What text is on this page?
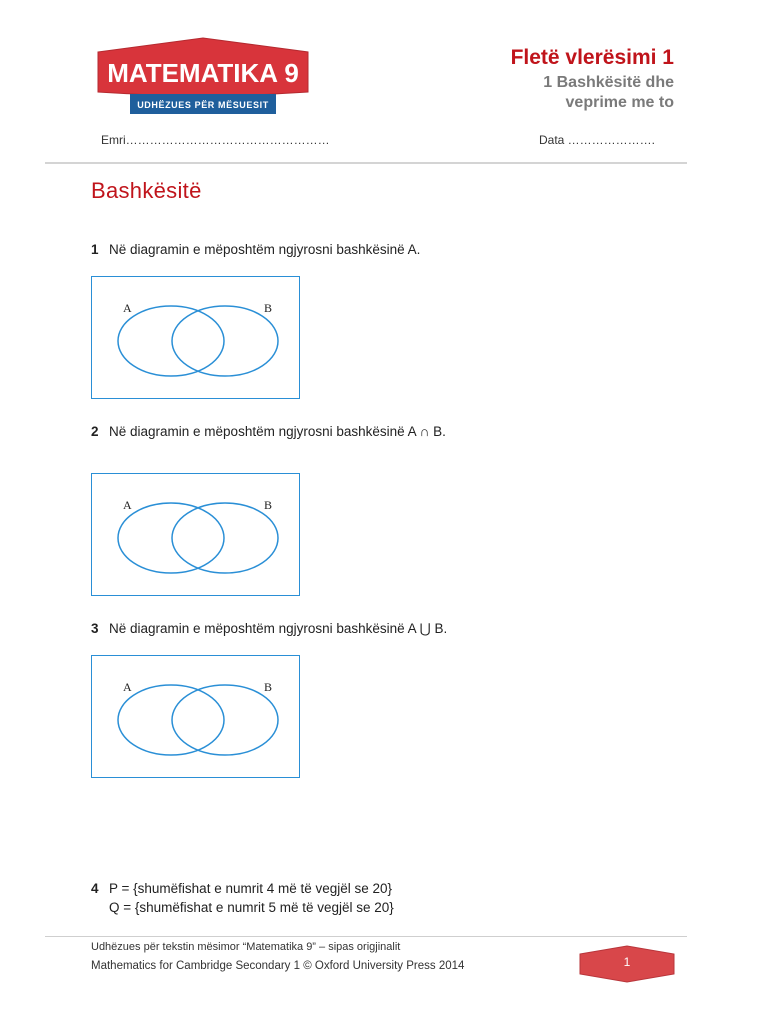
MATEMATIKA 9
UDHËZUES PËR MËSUESIT
Fletë vlerësimi 1
1 Bashkësitë dhe
veprime me to
Emri……………………………………………	Data ………………….
Bashkësitë
1 Në diagramin e mëposhtëm ngjyrosni bashkësinë A.
A	B
2 Në diagramin e mëposhtëm ngjyrosni bashkësinë A ∩ B.
A	B
3 Në diagramin e mëposhtëm ngjyrosni bashkësinë A ⋃ B.
A	B
4 P = {shumëfishat e numrit 4 më të vegjël se 20}
Q = {shumëfishat e numrit 5 më të vegjël se 20}
Udhëzues për tekstin mësimor “Matematika 9” – sipas origjinalit
Mathematics for Cambridge Secondary 1 © Oxford University Press 2014	1
